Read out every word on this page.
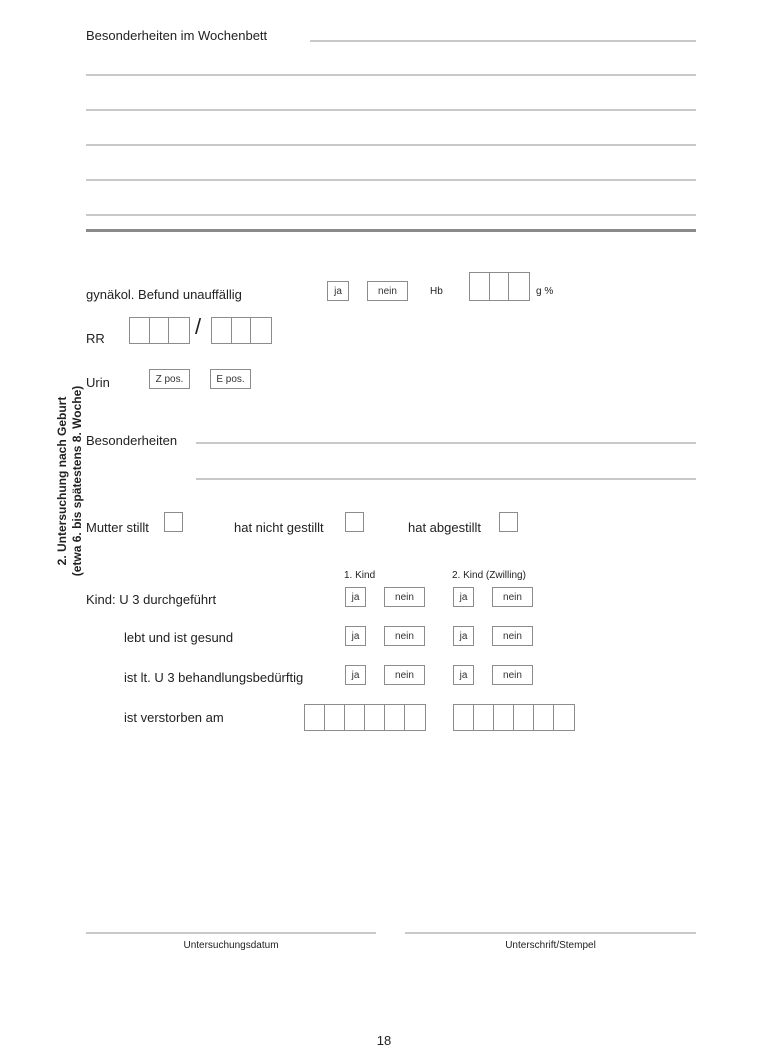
Besonderheiten im Wochenbett
2. Untersuchung nach Geburt (etwa 6. bis spätestens 8. Woche)
gynäkol. Befund unauffällig	ja	nein	Hb	g %
RR	/
Urin	Z pos.	E pos.
Besonderheiten
Mutter stillt	hat nicht gestillt	hat abgestillt
1. Kind	2. Kind (Zwilling)
Kind: U 3 durchgeführt	ja	nein	ja	nein
lebt und ist gesund	ja	nein	ja	nein
ist lt. U 3 behandlungsbedürftig	ja	nein	ja	nein
ist verstorben am
Untersuchungsdatum	Unterschrift/Stempel
18
